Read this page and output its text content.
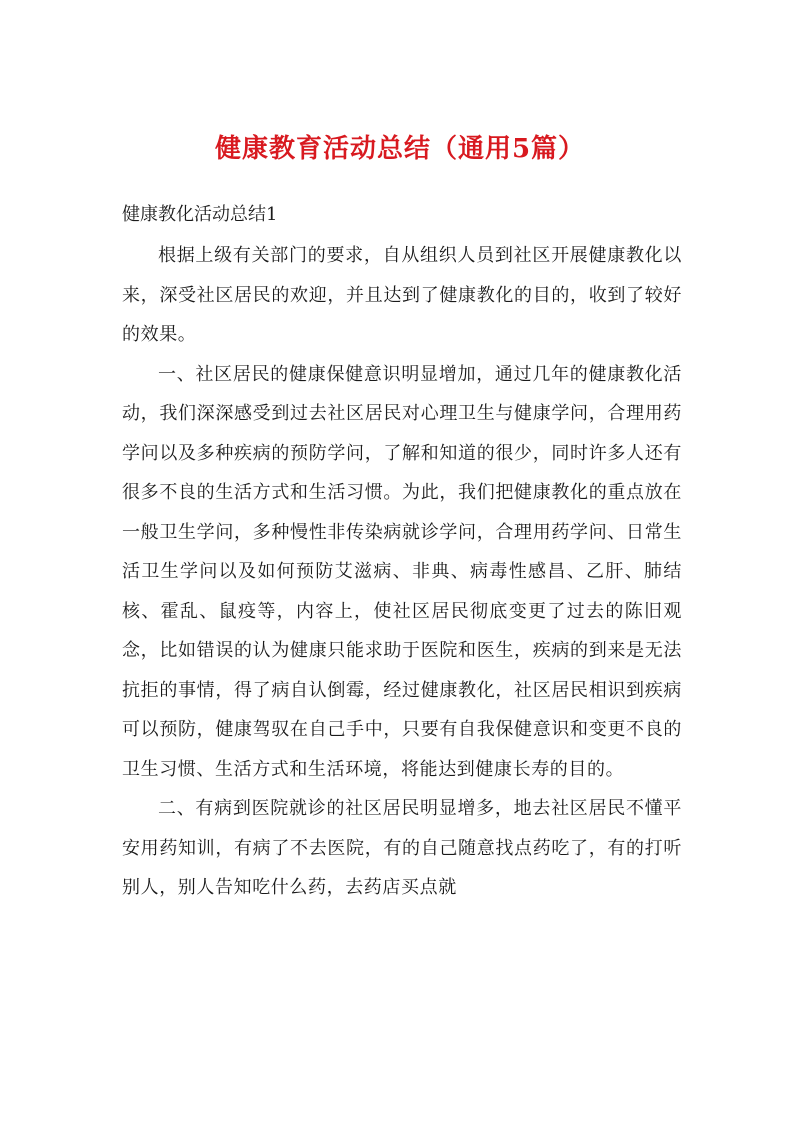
健康教育活动总结（通用5篇）

健康教化活动总结1

根据上级有关部门的要求，自从组织人员到社区开展健康教化以来，深受社区居民的欢迎，并且达到了健康教化的目的，收到了较好的效果。

一、社区居民的健康保健意识明显增加，通过几年的健康教化活动，我们深深感受到过去社区居民对心理卫生与健康学问，合理用药学问以及多种疾病的预防学问，了解和知道的很少，同时许多人还有很多不良的生活方式和生活习惯。为此，我们把健康教化的重点放在一般卫生学问，多种慢性非传染病就诊学问，合理用药学问、日常生活卫生学问以及如何预防艾滋病、非典、病毒性感昌、乙肝、肺结核、霍乱、鼠疫等，内容上，使社区居民彻底变更了过去的陈旧观念，比如错误的认为健康只能求助于医院和医生，疾病的到来是无法抗拒的事情，得了病自认倒霉，经过健康教化，社区居民相识到疾病可以预防，健康驾驭在自己手中，只要有自我保健意识和变更不良的卫生习惯、生活方式和生活环境，将能达到健康长寿的目的。

二、有病到医院就诊的社区居民明显增多，地去社区居民不懂平安用药知训，有病了不去医院，有的自己随意找点药吃了，有的打听别人，别人告知吃什么药，去药店买点就
